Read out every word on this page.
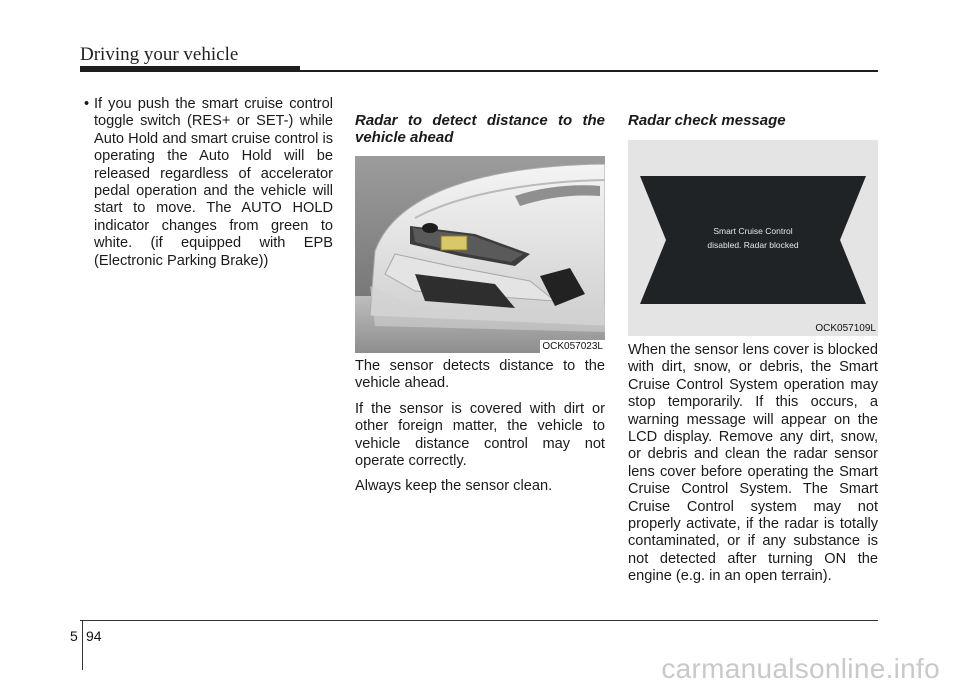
Driving your vehicle
• If you push the smart cruise control toggle switch (RES+ or SET-) while Auto Hold and smart cruise control is operating the Auto Hold will be released regardless of accelerator pedal operation and the vehicle will start to move. The AUTO HOLD indicator changes from green to white. (if equipped with EPB (Electronic Parking Brake))
Radar to detect distance to the vehicle ahead
OCK057023L

The sensor detects distance to the vehicle ahead.

If the sensor is covered with dirt or other foreign matter, the vehicle to vehicle distance control may not operate correctly.

Always keep the sensor clean.

Radar check message
Smart Cruise Control
disabled. Radar blocked
OCK057109L

When the sensor lens cover is blocked with dirt, snow, or debris, the Smart Cruise Control System operation may stop temporarily. If this occurs, a warning message will appear on the LCD display. Remove any dirt, snow, or debris and clean the radar sensor lens cover before operating the Smart Cruise Control System. The Smart Cruise Control system may not properly activate, if the radar is totally contaminated, or if any substance is not detected after turning ON the engine (e.g. in an open terrain).

5 94
carmanualsonline.info
